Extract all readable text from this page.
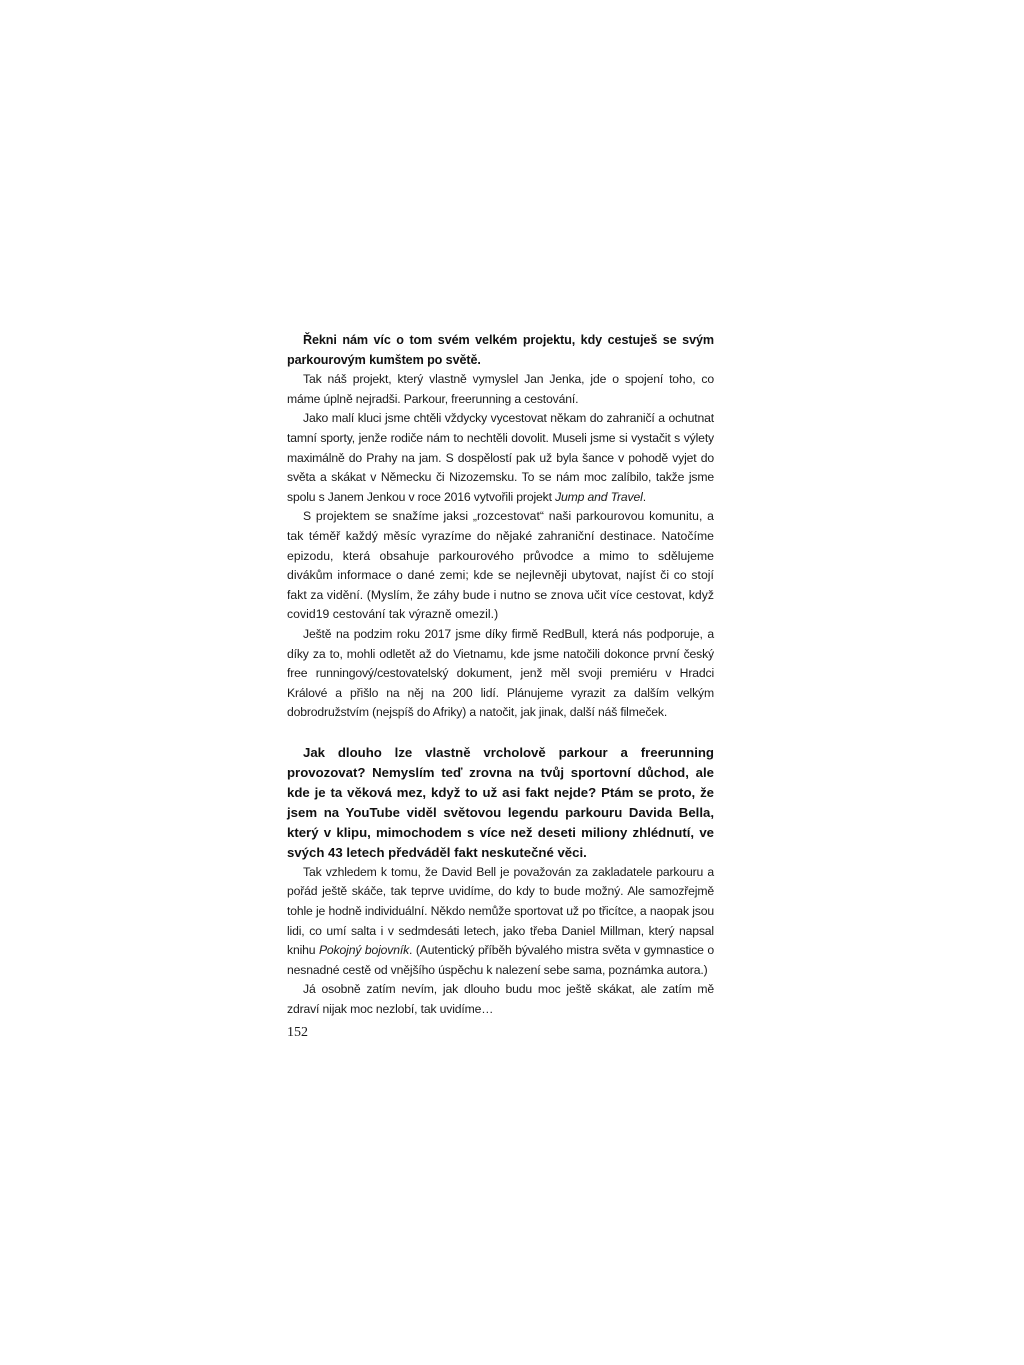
Řekni nám víc o tom svém velkém projektu, kdy cestuješ se svým parkourovým kumštem po světě.

Tak náš projekt, který vlastně vymyslel Jan Jenka, jde o spojení toho, co máme úplně nejradši. Parkour, freerunning a cestování.

Jako malí kluci jsme chtěli vždycky vycestovat někam do zahraničí a ochutnat tamní sporty, jenže rodiče nám to nechtěli dovolit. Museli jsme si vystačit s výlety maximálně do Prahy na jam. S dospělostí pak už byla šance v pohodě vyjet do světa a skákat v Německu či Nizozemsku. To se nám moc zalíbilo, takže jsme spolu s Janem Jenkou v roce 2016 vytvořili projekt Jump and Travel.

S projektem se snažíme jaksi „rozcestovat“ naši parkourovou komunitu, a tak téměř každý měsíc vyrazíme do nějaké zahraniční destinace. Natočíme epizodu, která obsahuje parkourového průvodce a mimo to sdělujeme divákům informace o dané zemi; kde se nejlevněji ubytovat, najíst či co stojí fakt za vidění. (Myslím, že záhy bude i nutno se znova učit více cestovat, když covid19 cestování tak výrazně omezil.)

Ještě na podzim roku 2017 jsme díky firmě RedBull, která nás podporuje, a díky za to, mohli odletět až do Vietnamu, kde jsme natočili dokonce první český free runningový/cestovatelský dokument, jenž měl svoji premiéru v Hradci Králové a přišlo na něj na 200 lidí. Plánujeme vyrazit za dalším velkým dobrodružstvím (nejspíš do Afriky) a natočit, jak jinak, další náš filmeček.

Jak dlouho lze vlastně vrcholově parkour a freerunning provozovat? Nemyslím teď zrovna na tvůj sportovní důchod, ale kde je ta věková mez, když to už asi fakt nejde? Ptám se proto, že jsem na YouTube viděl světovou legendu parkouru Davida Bella, který v klipu, mimochodem s více než deseti miliony zhlédnutí, ve svých 43 letech předváděl fakt neskutečné věci.

Tak vzhledem k tomu, že David Bell je považován za zakladatele parkouru a pořád ještě skáče, tak teprve uvidíme, do kdy to bude možný. Ale samozřejmě tohle je hodně individuální. Někdo nemůže sportovat už po třicítce, a naopak jsou lidi, co umí salta i v sedmdesáti letech, jako třeba Daniel Millman, který napsal knihu Pokojný bojovník. (Autentický příběh bývalého mistra světa v gymnastice o nesnadné cestě od vnějšího úspěchu k nalezení sebe sama, poznámka autora.)

Já osobně zatím nevím, jak dlouho budu moc ještě skákat, ale zatím mě zdraví nijak moc nezlobí, tak uvidíme…

152
